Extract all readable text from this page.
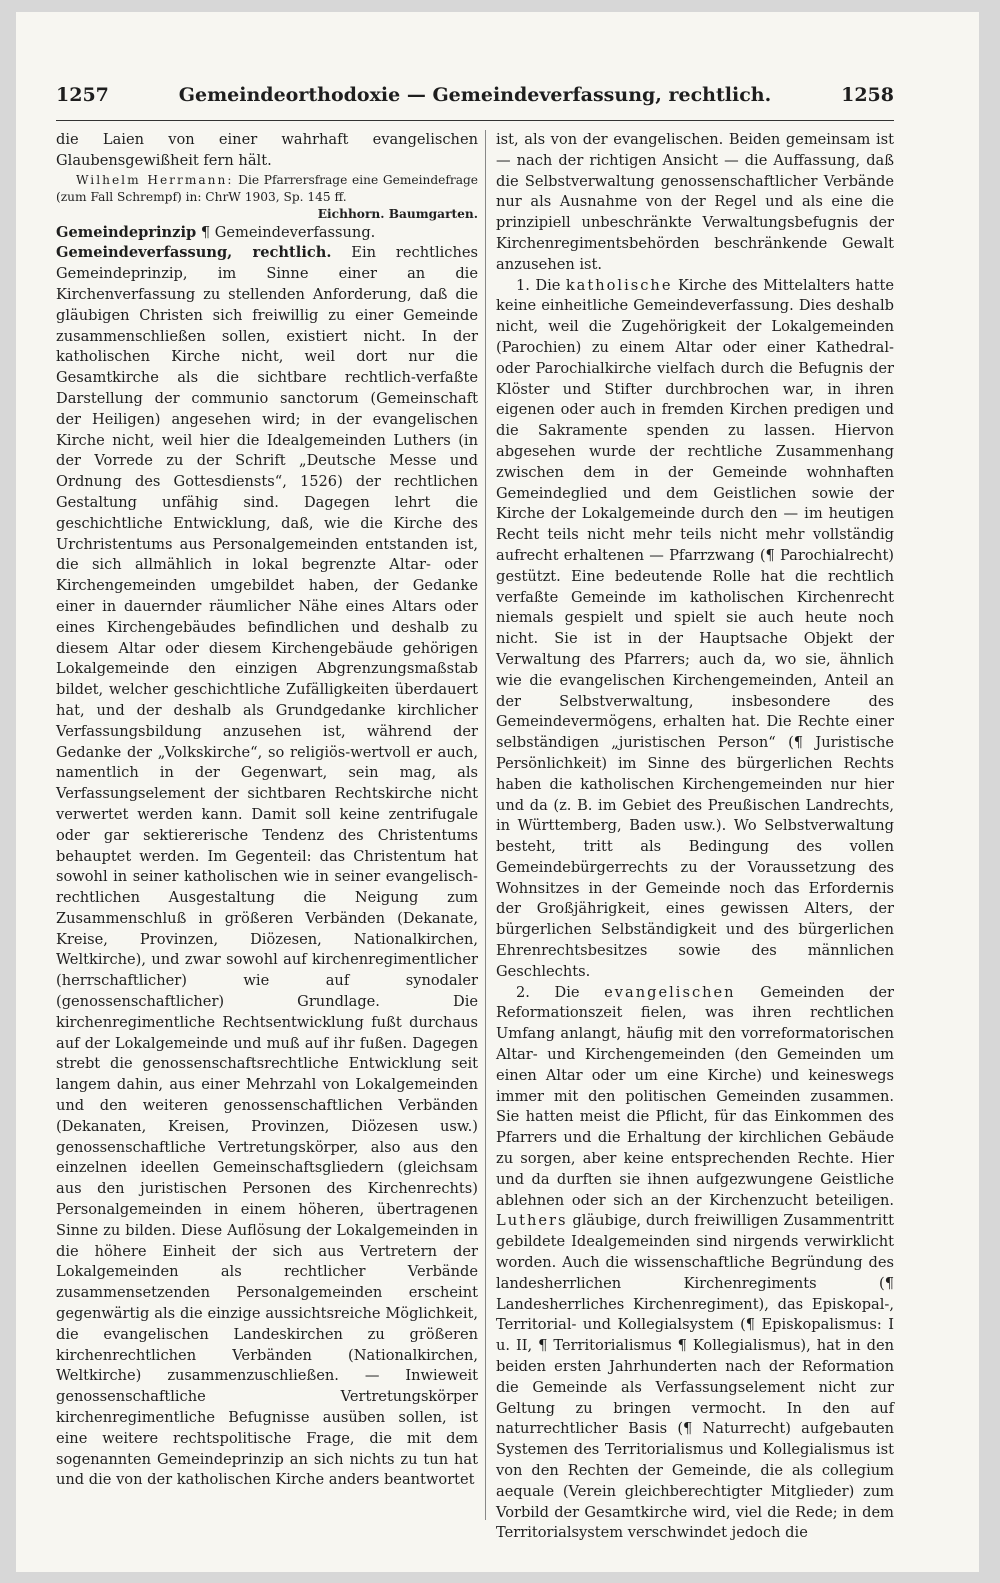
1257	Gemeindeorthodoxie — Gemeindeverfassung, rechtlich.	1258

die Laien von einer wahrhaft evangelischen Glaubensgewißheit fern hält.

Wilhelm Herrmann: Die Pfarrersfrage eine Gemeindefrage (zum Fall Schrempf) in: ChrW 1903, Sp. 145 ff.

Eichhorn. Baumgarten.

Gemeindeprinzip ¶ Gemeindeverfassung.

Gemeindeverfassung, rechtlich. Ein rechtliches Gemeindeprinzip, im Sinne einer an die Kirchenverfassung zu stellenden Anforderung, daß die gläubigen Christen sich freiwillig zu einer Gemeinde zusammenschließen sollen, existiert nicht. In der katholischen Kirche nicht, weil dort nur die Gesamtkirche als die sichtbare rechtlich-verfaßte Darstellung der communio sanctorum (Gemeinschaft der Heiligen) angesehen wird; in der evangelischen Kirche nicht, weil hier die Idealgemeinden Luthers (in der Vorrede zu der Schrift „Deutsche Messe und Ordnung des Gottesdiensts“, 1526) der rechtlichen Gestaltung unfähig sind. Dagegen lehrt die geschichtliche Entwicklung, daß, wie die Kirche des Urchristentums aus Personalgemeinden entstanden ist, die sich allmählich in lokal begrenzte Altar- oder Kirchengemeinden umgebildet haben, der Gedanke einer in dauernder räumlicher Nähe eines Altars oder eines Kirchengebäudes befindlichen und deshalb zu diesem Altar oder diesem Kirchengebäude gehörigen Lokalgemeinde den einzigen Abgrenzungsmaßstab bildet, welcher geschichtliche Zufälligkeiten überdauert hat, und der deshalb als Grundgedanke kirchlicher Verfassungsbildung anzusehen ist, während der Gedanke der „Volkskirche“, so religiös-wertvoll er auch, namentlich in der Gegenwart, sein mag, als Verfassungselement der sichtbaren Rechtskirche nicht verwertet werden kann. Damit soll keine zentrifugale oder gar sektiererische Tendenz des Christentums behauptet werden. Im Gegenteil: das Christentum hat sowohl in seiner katholischen wie in seiner evangelisch-rechtlichen Ausgestaltung die Neigung zum Zusammenschluß in größeren Verbänden (Dekanate, Kreise, Provinzen, Diözesen, Nationalkirchen, Weltkirche), und zwar sowohl auf kirchenregimentlicher (herrschaftlicher) wie auf synodaler (genossenschaftlicher) Grundlage. Die kirchenregimentliche Rechtsentwicklung fußt durchaus auf der Lokalgemeinde und muß auf ihr fußen. Dagegen strebt die genossenschaftsrechtliche Entwicklung seit langem dahin, aus einer Mehrzahl von Lokalgemeinden und den weiteren genossenschaftlichen Verbänden (Dekanaten, Kreisen, Provinzen, Diözesen usw.) genossenschaftliche Vertretungskörper, also aus den einzelnen ideellen Gemeinschaftsgliedern (gleichsam aus den juristischen Personen des Kirchenrechts) Personalgemeinden in einem höheren, übertragenen Sinne zu bilden. Diese Auflösung der Lokalgemeinden in die höhere Einheit der sich aus Vertretern der Lokalgemeinden als rechtlicher Verbände zusammensetzenden Personalgemeinden erscheint gegenwärtig als die einzige aussichtsreiche Möglichkeit, die evangelischen Landeskirchen zu größeren kirchenrechtlichen Verbänden (Nationalkirchen, Weltkirche) zusammenzuschließen. — Inwieweit genossenschaftliche Vertretungskörper kirchenregimentliche Befugnisse ausüben sollen, ist eine weitere rechtspolitische Frage, die mit dem sogenannten Gemeindeprinzip an sich nichts zu tun hat und die von der katholischen Kirche anders beantwortet

ist, als von der evangelischen. Beiden gemeinsam ist — nach der richtigen Ansicht — die Auffassung, daß die Selbstverwaltung genossenschaftlicher Verbände nur als Ausnahme von der Regel und als eine die prinzipiell unbeschränkte Verwaltungsbefugnis der Kirchenregimentsbehörden beschränkende Gewalt anzusehen ist.

1. Die katholische Kirche des Mittelalters hatte keine einheitliche Gemeindeverfassung. Dies deshalb nicht, weil die Zugehörigkeit der Lokalgemeinden (Parochien) zu einem Altar oder einer Kathedral- oder Parochialkirche vielfach durch die Befugnis der Klöster und Stifter durchbrochen war, in ihren eigenen oder auch in fremden Kirchen predigen und die Sakramente spenden zu lassen. Hiervon abgesehen wurde der rechtliche Zusammenhang zwischen dem in der Gemeinde wohnhaften Gemeindeglied und dem Geistlichen sowie der Kirche der Lokalgemeinde durch den — im heutigen Recht teils nicht mehr teils nicht mehr vollständig aufrecht erhaltenen — Pfarrzwang (¶ Parochialrecht) gestützt. Eine bedeutende Rolle hat die rechtlich verfaßte Gemeinde im katholischen Kirchenrecht niemals gespielt und spielt sie auch heute noch nicht. Sie ist in der Hauptsache Objekt der Verwaltung des Pfarrers; auch da, wo sie, ähnlich wie die evangelischen Kirchengemeinden, Anteil an der Selbstverwaltung, insbesondere des Gemeindevermögens, erhalten hat. Die Rechte einer selbständigen „juristischen Person“ (¶ Juristische Persönlichkeit) im Sinne des bürgerlichen Rechts haben die katholischen Kirchengemeinden nur hier und da (z. B. im Gebiet des Preußischen Landrechts, in Württemberg, Baden usw.). Wo Selbstverwaltung besteht, tritt als Bedingung des vollen Gemeindebürgerrechts zu der Voraussetzung des Wohnsitzes in der Gemeinde noch das Erfordernis der Großjährigkeit, eines gewissen Alters, der bürgerlichen Selbständigkeit und des bürgerlichen Ehrenrechtsbesitzes sowie des männlichen Geschlechts.

2. Die evangelischen Gemeinden der Reformationszeit fielen, was ihren rechtlichen Umfang anlangt, häufig mit den vorreformatorischen Altar- und Kirchengemeinden (den Gemeinden um einen Altar oder um eine Kirche) und keineswegs immer mit den politischen Gemeinden zusammen. Sie hatten meist die Pflicht, für das Einkommen des Pfarrers und die Erhaltung der kirchlichen Gebäude zu sorgen, aber keine entsprechenden Rechte. Hier und da durften sie ihnen aufgezwungene Geistliche ablehnen oder sich an der Kirchenzucht beteiligen. Luthers gläubige, durch freiwilligen Zusammentritt gebildete Idealgemeinden sind nirgends verwirklicht worden. Auch die wissenschaftliche Begründung des landesherrlichen Kirchenregiments (¶ Landesherrliches Kirchenregiment), das Episkopal-, Territorial- und Kollegialsystem (¶ Episkopalismus: I u. II, ¶ Territorialismus ¶ Kollegialismus), hat in den beiden ersten Jahrhunderten nach der Reformation die Gemeinde als Verfassungselement nicht zur Geltung zu bringen vermocht. In den auf naturrechtlicher Basis (¶ Naturrecht) aufgebauten Systemen des Territorialismus und Kollegialismus ist von den Rechten der Gemeinde, die als collegium aequale (Verein gleichberechtigter Mitglieder) zum Vorbild der Gesamtkirche wird, viel die Rede; in dem Territorialsystem verschwindet jedoch die
